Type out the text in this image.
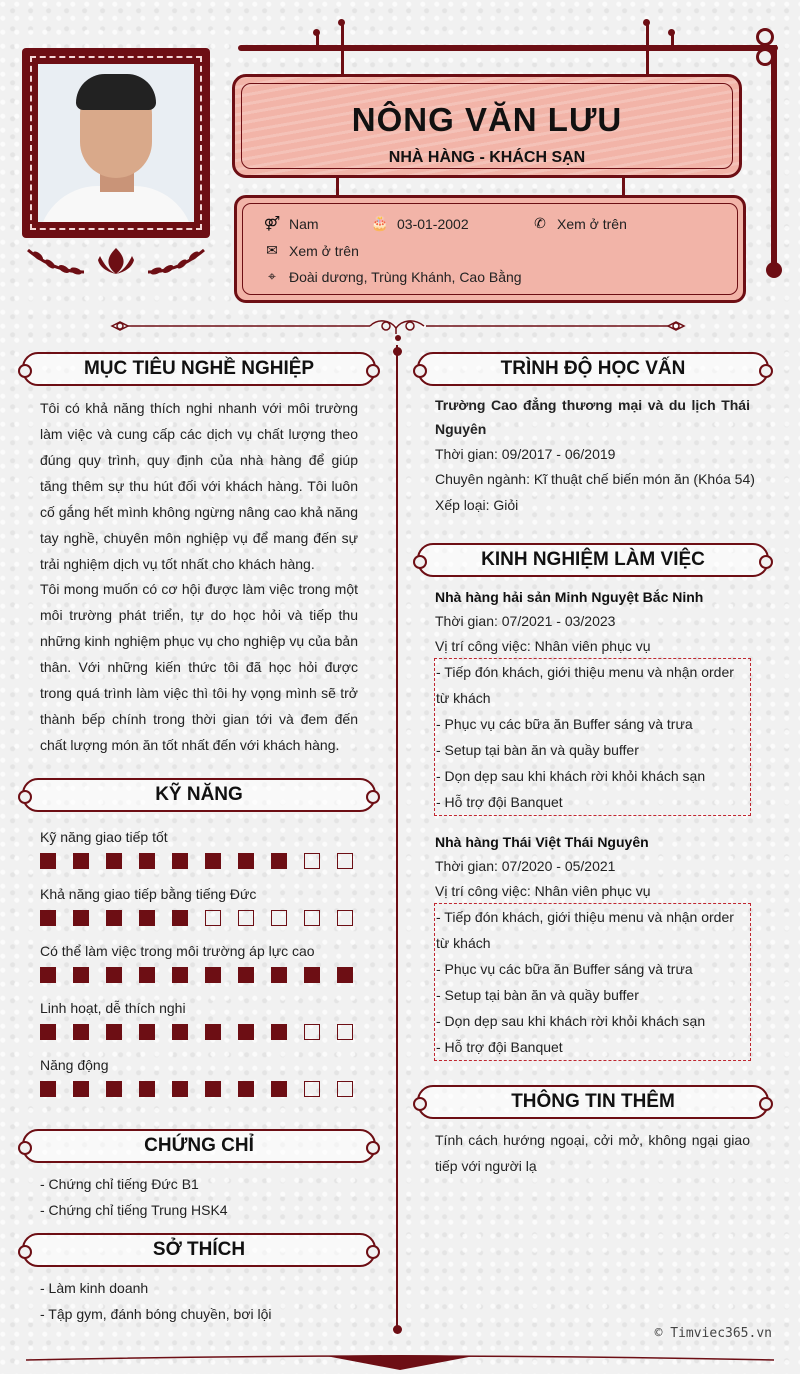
NÔNG VĂN LƯU
NHÀ HÀNG - KHÁCH SẠN
⚤ Nam	🎂 03-01-2002	✆ Xem ở trên
✉ Xem ở trên
⌖ Đoài dương, Trùng Khánh, Cao Bằng
MỤC TIÊU NGHỀ NGHIỆP
Tôi có khả năng thích nghi nhanh với môi trường làm việc và cung cấp các dịch vụ chất lượng theo đúng quy trình, quy định của nhà hàng để giúp tăng thêm sự thu hút đối với khách hàng. Tôi luôn cố gắng hết mình không ngừng nâng cao khả năng tay nghề, chuyên môn nghiệp vụ để mang đến sự trải nghiệm dịch vụ tốt nhất cho khách hàng.
Tôi mong muốn có cơ hội được làm việc trong một môi trường phát triển, tự do học hỏi và tiếp thu những kinh nghiệm phục vụ cho nghiệp vụ của bản thân. Với những kiến thức tôi đã học hỏi được trong quá trình làm việc thì tôi hy vọng mình sẽ trở thành bếp chính trong thời gian tới và đem đến chất lượng món ăn tốt nhất đến với khách hàng.
KỸ NĂNG
Kỹ năng giao tiếp tốt
Khả năng giao tiếp bằng tiếng Đức
Có thể làm việc trong môi trường áp lực cao
Linh hoạt, dễ thích nghi
Năng động
CHỨNG CHỈ
- Chứng chỉ tiếng Đức B1
- Chứng chỉ tiếng Trung HSK4
SỞ THÍCH
- Làm kinh doanh
- Tập gym, đánh bóng chuyền, bơi lội
TRÌNH ĐỘ HỌC VẤN
Trường Cao đẳng thương mại và du lịch Thái Nguyên
Thời gian: 09/2017 - 06/2019
Chuyên ngành: Kĩ thuật chế biến món ăn (Khóa 54)
Xếp loại: Giỏi
KINH NGHIỆM LÀM VIỆC
Nhà hàng hải sản Minh Nguyệt Bắc Ninh
Thời gian: 07/2021 - 03/2023
Vị trí công việc: Nhân viên phục vụ
- Tiếp đón khách, giới thiệu menu và nhận order từ khách
- Phục vụ các bữa ăn Buffer sáng và trưa
- Setup tại bàn ăn và quầy buffer
- Dọn dẹp sau khi khách rời khỏi khách sạn
- Hỗ trợ đội Banquet
Nhà hàng Thái Việt Thái Nguyên
Thời gian: 07/2020 - 05/2021
Vị trí công việc: Nhân viên phục vụ
- Tiếp đón khách, giới thiệu menu và nhận order từ khách
- Phục vụ các bữa ăn Buffer sáng và trưa
- Setup tại bàn ăn và quầy buffer
- Dọn dẹp sau khi khách rời khỏi khách sạn
- Hỗ trợ đội Banquet
THÔNG TIN THÊM
Tính cách hướng ngoại, cởi mở, không ngại giao tiếp với người lạ
© Timviec365.vn
